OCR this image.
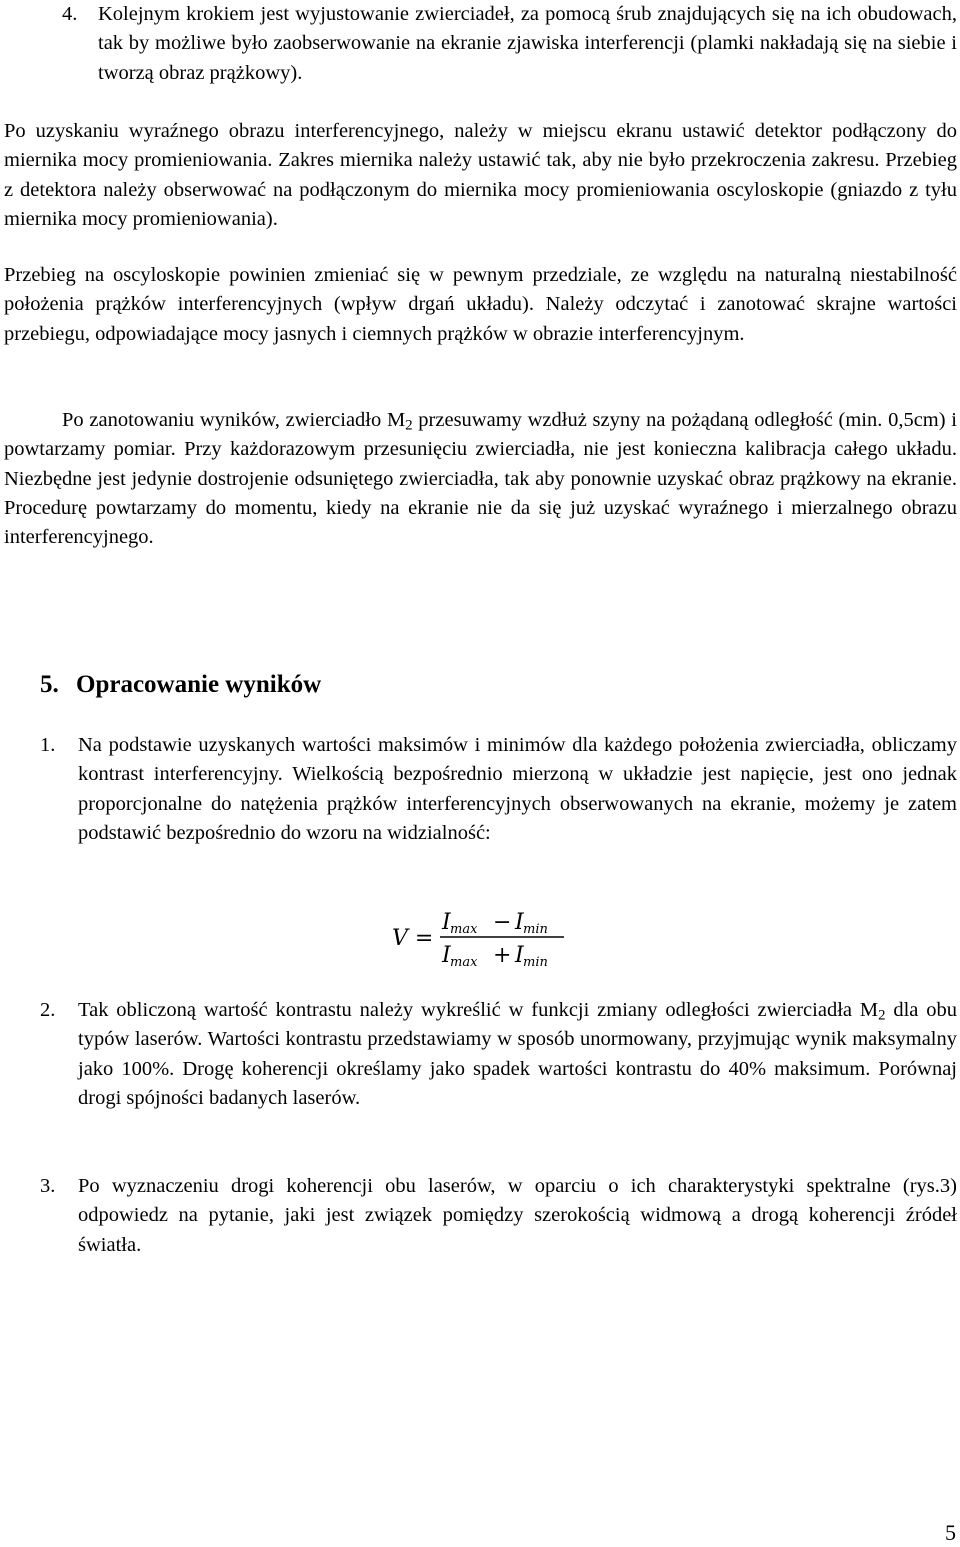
4. Kolejnym krokiem jest wyjustowanie zwierciadeł, za pomocą śrub znajdujących się na ich obudowach, tak by możliwe było zaobserwowanie na ekranie zjawiska interferencji (plamki nakładają się na siebie i tworzą obraz prążkowy).

Po uzyskaniu wyraźnego obrazu interferencyjnego, należy w miejscu ekranu ustawić detektor podłączony do miernika mocy promieniowania. Zakres miernika należy ustawić tak, aby nie było przekroczenia zakresu. Przebieg z detektora należy obserwować na podłączonym do miernika mocy promieniowania oscyloskopie (gniazdo z tyłu miernika mocy promieniowania).

Przebieg na oscyloskopie powinien zmieniać się w pewnym przedziale, ze względu na naturalną niestabilność położenia prążków interferencyjnych (wpływ drgań układu). Należy odczytać i zanotować skrajne wartości przebiegu, odpowiadające mocy jasnych i ciemnych prążków w obrazie interferencyjnym.

Po zanotowaniu wyników, zwierciadło $M_2$ przesuwamy wzdłuż szyny na pożądaną odległość (min. 0,5cm) i powtarzamy pomiar. Przy każdorazowym przesunięciu zwierciadła, nie jest konieczna kalibracja całego układu. Niezbędne jest jedynie dostrojenie odsuniętego zwierciadła, tak aby ponownie uzyskać obraz prążkowy na ekranie. Procedurę powtarzamy do momentu, kiedy na ekranie nie da się już uzyskać wyraźnego i mierzalnego obrazu interferencyjnego.

5. Opracowanie wyników
1. Na podstawie uzyskanych wartości maksimów i minimów dla każdego położenia zwierciadła, obliczamy kontrast interferencyjny. Wielkością bezpośrednio mierzoną w układzie jest napięcie, jest ono jednak proporcjonalne do natężenia prążków interferencyjnych obserwowanych na ekranie, możemy je zatem podstawić bezpośrednio do wzoru na widzialność:
V =
I max − I min
I max + I min
2. Tak obliczoną wartość kontrastu należy wykreślić w funkcji zmiany odległości zwierciadła $M_2$ dla obu typów laserów. Wartości kontrastu przedstawiamy w sposób unormowany, przyjmując wynik maksymalny jako 100%. Drogę koherencji określamy jako spadek wartości kontrastu do 40% maksimum. Porównaj drogi spójności badanych laserów.
3. Po wyznaczeniu drogi koherencji obu laserów, w oparciu o ich charakterystyki spektralne (rys.3) odpowiedz na pytanie, jaki jest związek pomiędzy szerokością widmową a drogą koherencji źródeł światła.
5
